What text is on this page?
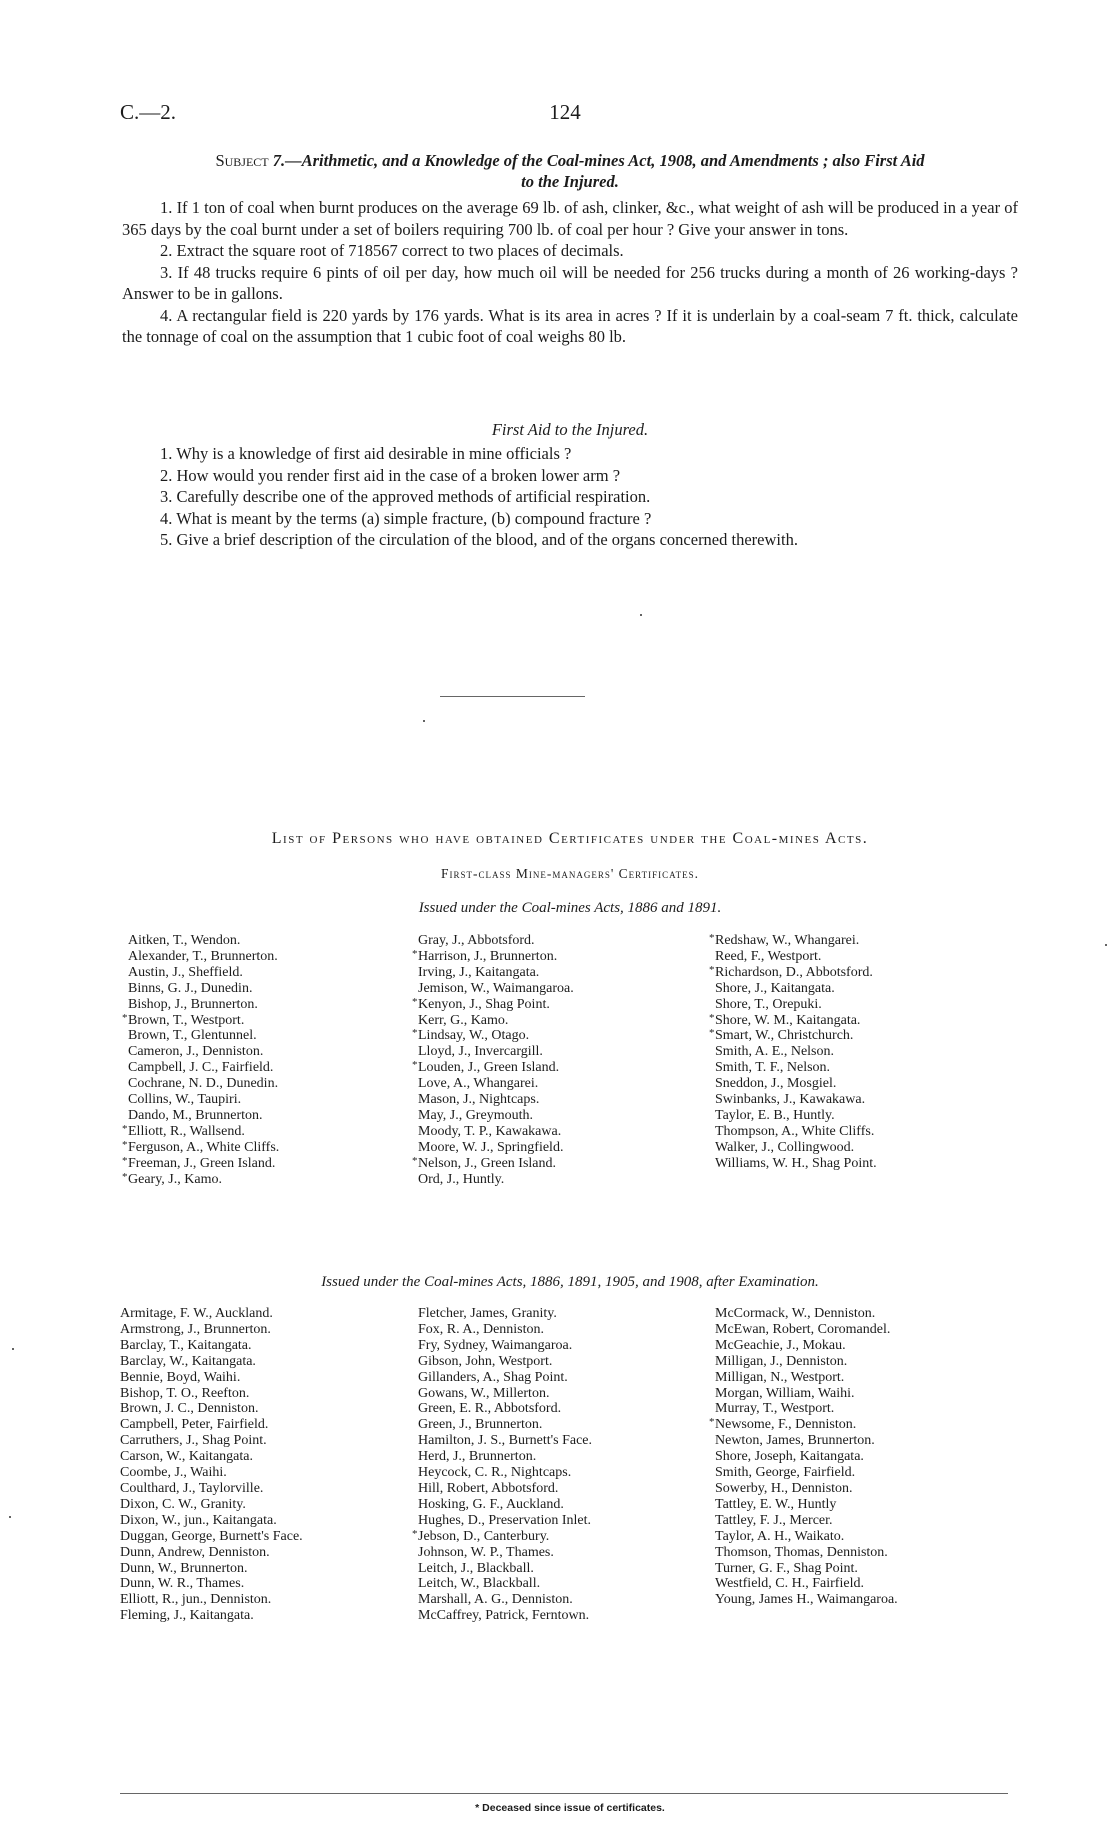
C.—2.	124
Subject 7.—Arithmetic, and a Knowledge of the Coal-mines Act, 1908, and Amendments ; also First Aid
to the Injured.

1. If 1 ton of coal when burnt produces on the average 69 lb. of ash, clinker, &c., what weight of ash will be produced in a year of 365 days by the coal burnt under a set of boilers requiring 700 lb. of coal per hour ? Give your answer in tons.

2. Extract the square root of 718567 correct to two places of decimals.

3. If 48 trucks require 6 pints of oil per day, how much oil will be needed for 256 trucks during a month of 26 working-days ? Answer to be in gallons.

4. A rectangular field is 220 yards by 176 yards. What is its area in acres ? If it is underlain by a coal-seam 7 ft. thick, calculate the tonnage of coal on the assumption that 1 cubic foot of coal weighs 80 lb.

First Aid to the Injured.
1. Why is a knowledge of first aid desirable in mine officials ?
2. How would you render first aid in the case of a broken lower arm ?
3. Carefully describe one of the approved methods of artificial respiration.
4. What is meant by the terms (a) simple fracture, (b) compound fracture ?
5. Give a brief description of the circulation of the blood, and of the organs concerned therewith.
List of Persons who have obtained Certificates under the Coal-mines Acts.
First-class Mine-managers' Certificates.
Issued under the Coal-mines Acts, 1886 and 1891.
Aitken, T., Wendon.
Alexander, T., Brunnerton.
Austin, J., Sheffield.
Binns, G. J., Dunedin.
Bishop, J., Brunnerton.
* Brown, T., Westport.
Brown, T., Glentunnel.
Cameron, J., Denniston.
Campbell, J. C., Fairfield.
Cochrane, N. D., Dunedin.
Collins, W., Taupiri.
Dando, M., Brunnerton.
* Elliott, R., Wallsend.
* Ferguson, A., White Cliffs.
* Freeman, J., Green Island.
* Geary, J., Kamo.
Gray, J., Abbotsford.
* Harrison, J., Brunnerton.
Irving, J., Kaitangata.
Jemison, W., Waimangaroa.
* Kenyon, J., Shag Point.
Kerr, G., Kamo.
* Lindsay, W., Otago.
Lloyd, J., Invercargill.
* Louden, J., Green Island.
Love, A., Whangarei.
Mason, J., Nightcaps.
May, J., Greymouth.
Moody, T. P., Kawakawa.
Moore, W. J., Springfield.
* Nelson, J., Green Island.
Ord, J., Huntly.
* Redshaw, W., Whangarei.
Reed, F., Westport.
* Richardson, D., Abbotsford.
Shore, J., Kaitangata.
Shore, T., Orepuki.
* Shore, W. M., Kaitangata.
* Smart, W., Christchurch.
Smith, A. E., Nelson.
Smith, T. F., Nelson.
Sneddon, J., Mosgiel.
Swinbanks, J., Kawakawa.
Taylor, E. B., Huntly.
Thompson, A., White Cliffs.
Walker, J., Collingwood.
Williams, W. H., Shag Point.
Issued under the Coal-mines Acts, 1886, 1891, 1905, and 1908, after Examination.
Armitage, F. W., Auckland.
Armstrong, J., Brunnerton.
Barclay, T., Kaitangata.
Barclay, W., Kaitangata.
Bennie, Boyd, Waihi.
Bishop, T. O., Reefton.
Brown, J. C., Denniston.
Campbell, Peter, Fairfield.
Carruthers, J., Shag Point.
Carson, W., Kaitangata.
Coombe, J., Waihi.
Coulthard, J., Taylorville.
Dixon, C. W., Granity.
Dixon, W., jun., Kaitangata.
Duggan, George, Burnett's Face.
Dunn, Andrew, Denniston.
Dunn, W., Brunnerton.
Dunn, W. R., Thames.
Elliott, R., jun., Denniston.
Fleming, J., Kaitangata.
Fletcher, James, Granity.
Fox, R. A., Denniston.
Fry, Sydney, Waimangaroa.
Gibson, John, Westport.
Gillanders, A., Shag Point.
Gowans, W., Millerton.
Green, E. R., Abbotsford.
Green, J., Brunnerton.
Hamilton, J. S., Burnett's Face.
Herd, J., Brunnerton.
Heycock, C. R., Nightcaps.
Hill, Robert, Abbotsford.
Hosking, G. F., Auckland.
Hughes, D., Preservation Inlet.
* Jebson, D., Canterbury.
Johnson, W. P., Thames.
Leitch, J., Blackball.
Leitch, W., Blackball.
Marshall, A. G., Denniston.
McCaffrey, Patrick, Ferntown.
McCormack, W., Denniston.
McEwan, Robert, Coromandel.
McGeachie, J., Mokau.
Milligan, J., Denniston.
Milligan, N., Westport.
Morgan, William, Waihi.
Murray, T., Westport.
* Newsome, F., Denniston.
Newton, James, Brunnerton.
Shore, Joseph, Kaitangata.
Smith, George, Fairfield.
Sowerby, H., Denniston.
Tattley, E. W., Huntly
Tattley, F. J., Mercer.
Taylor, A. H., Waikato.
Thomson, Thomas, Denniston.
Turner, G. F., Shag Point.
Westfield, C. H., Fairfield.
Young, James H., Waimangaroa.
* Deceased since issue of certificates.
